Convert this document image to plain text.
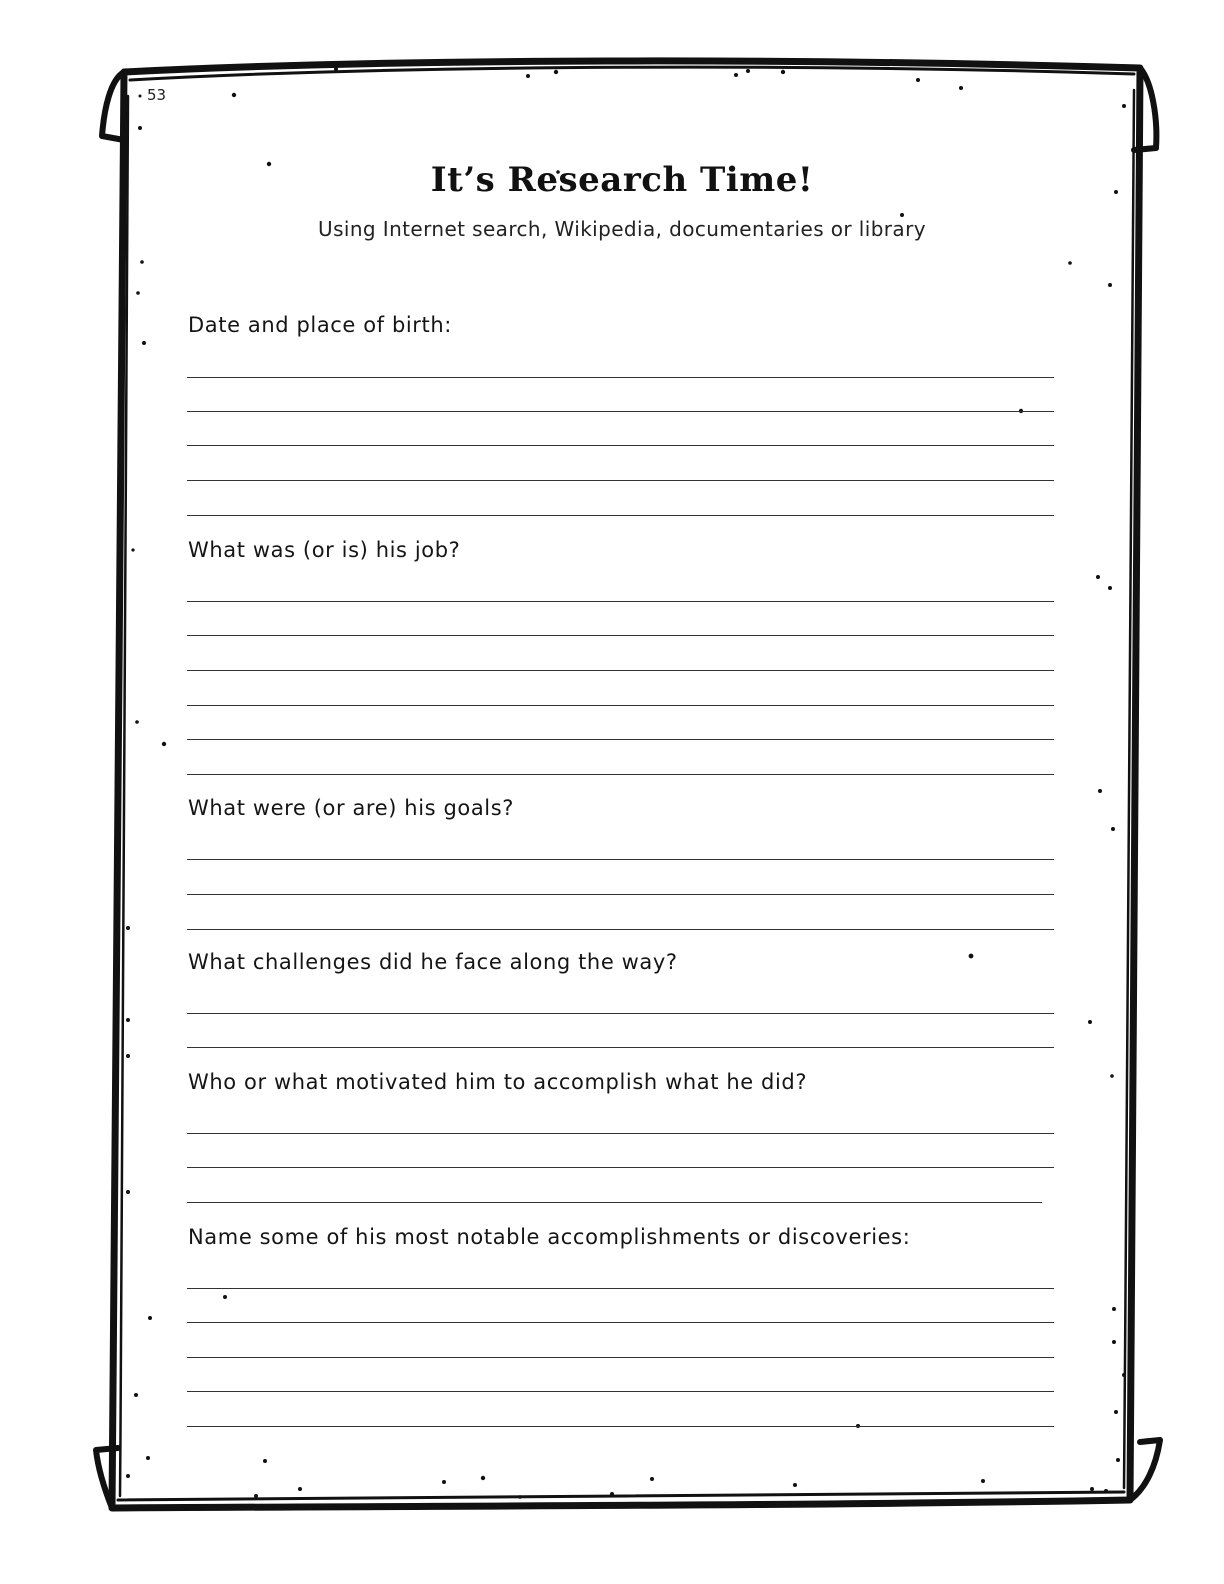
53
It’s Research Time!

Using Internet search, Wikipedia, documentaries or library

Date and place of birth:

What was (or is) his job?

What were (or are) his goals?

What challenges did he face along the way?

Who or what motivated him to accomplish what he did?

Name some of his most notable accomplishments or discoveries:
